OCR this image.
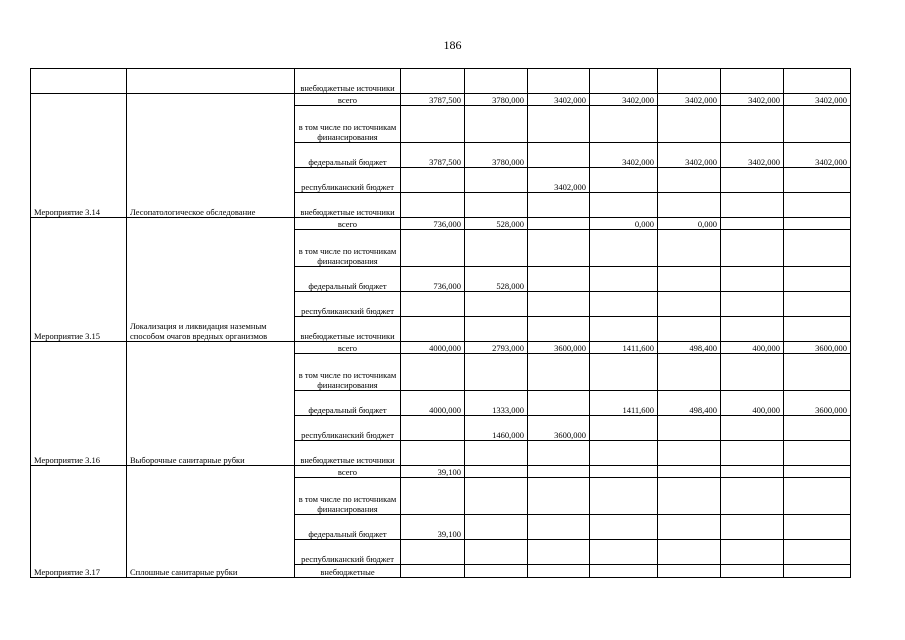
186
		внебюджетные источники							
Мероприятие 3.14	Лесопатологическое обследование	всего	3787,500	3780,000	3402,000	3402,000	3402,000	3402,000	3402,000
		в том числе по источникам финансирования							
		федеральный бюджет	3787,500	3780,000		3402,000	3402,000	3402,000	3402,000
		республиканский бюджет			3402,000				
		внебюджетные источники							
Мероприятие 3.15	Локализация и ликвидация наземным способом очагов вредных организмов	всего	736,000	528,000		0,000	0,000		
		в том числе по источникам финансирования							
		федеральный бюджет	736,000	528,000					
		республиканский бюджет							
		внебюджетные источники							
Мероприятие 3.16	Выборочные санитарные рубки	всего	4000,000	2793,000	3600,000	1411,600	498,400	400,000	3600,000
		в том числе по источникам финансирования							
		федеральный бюджет	4000,000	1333,000		1411,600	498,400	400,000	3600,000
		республиканский бюджет		1460,000	3600,000				
		внебюджетные источники							
Мероприятие 3.17	Сплошные санитарные рубки	всего	39,100						
		в том числе по источникам финансирования							
		федеральный бюджет	39,100						
		республиканский бюджет							
		внебюджетные							
